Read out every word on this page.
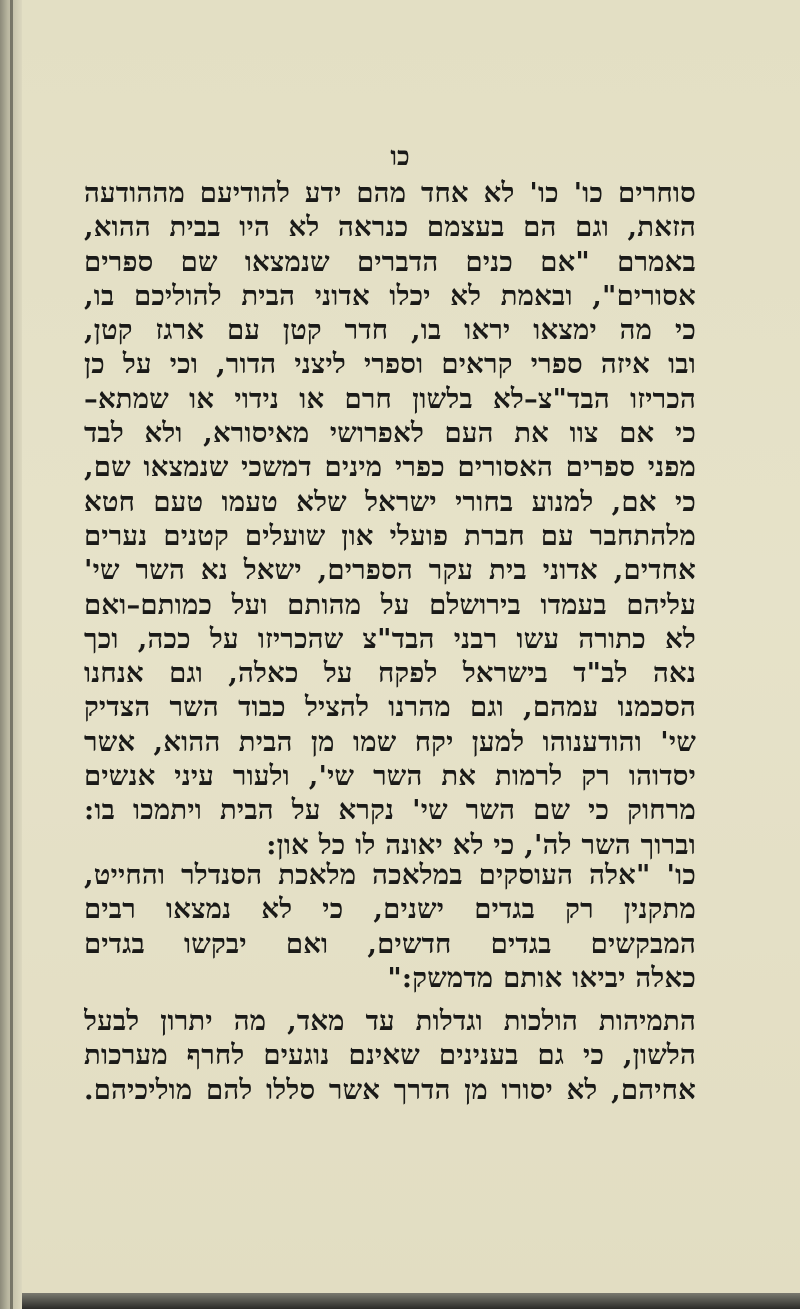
כו
סוחרים כו' כו' לא אחד מהם ידע להודיעם מההודעה
הזאת, וגם הם בעצמם כנראה לא היו בבית ההוא,
באמרם "אם כנים הדברים שנמצאו שם ספרים
אסורים", ובאמת לא יכלו אדוני הבית להוליכם בו,
כי מה ימצאו יראו בו, חדר קטן עם ארגז קטן,
ובו איזה ספרי קראים וספרי ליצני הדור, וכי על כן
הכריזו הבד"צ–לא בלשון חרם או נידוי או שמתא–
כי אם צוו את העם לאפרושי מאיסורא, ולא לבד
מפני ספרים האסורים כפרי מינים דמשכי שנמצאו שם,
כי אם, למנוע בחורי ישראל שלא טעמו טעם חטא
מלהתחבר עם חברת פועלי און שועלים קטנים נערים
אחדים, אדוני בית עקר הספרים, ישאל נא השר שי'
עליהם בעמדו בירושלם על מהותם ועל כמותם–ואם
לא כתורה עשו רבני הבד"צ שהכריזו על ככה, וכך
נאה לב"ד בישראל לפקח על כאלה, וגם אנחנו
הסכמנו עמהם, וגם מהרנו להציל כבוד השר הצדיק
שי' והודענוהו למען יקח שמו מן הבית ההוא, אשר
יסדוהו רק לרמות את השר שי', ולעור עיני אנשים
מרחוק כי שם השר שי' נקרא על הבית ויתמכו בו:
וברוך השר לה', כי לא יאונה לו כל און:
כו' "אלה העוסקים במלאכה מלאכת הסנדלר והחייט,
מתקנין רק בגדים ישנים, כי לא נמצאו רבים
המבקשים בגדים חדשים, ואם יבקשו בגדים
כאלה יביאו אותם מדמשק:"
התמיהות הולכות וגדלות עד מאד, מה יתרון לבעל
הלשון, כי גם בענינים שאינם נוגעים לחרף מערכות
אחיהם, לא יסורו מן הדרך אשר סללו להם מוליכיהם.
